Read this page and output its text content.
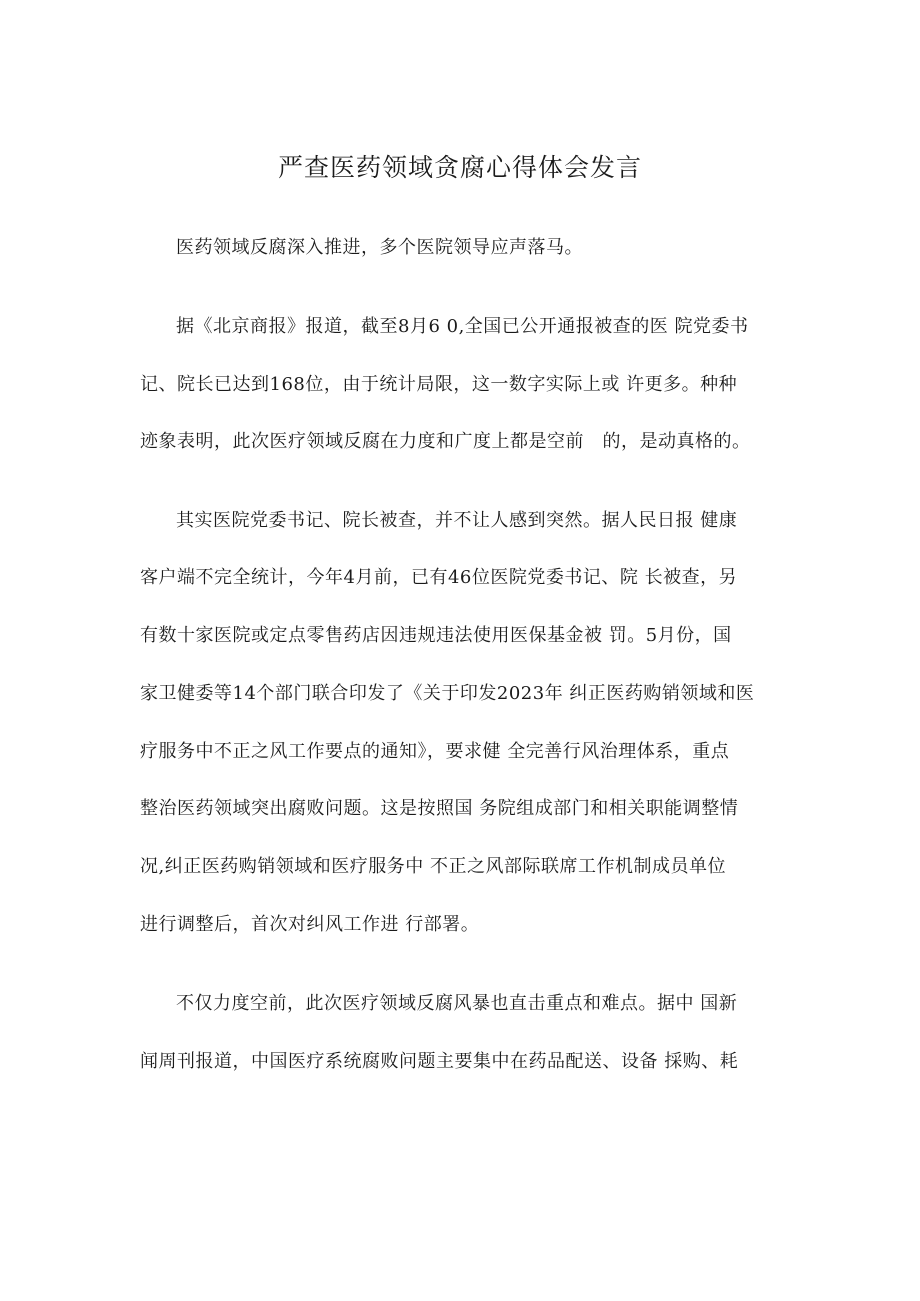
严查医药领域贪腐心得体会发言
医药领域反腐深入推进，多个医院领导应声落马。
据《北京商报》报道，截至8月6 0,全国已公开通报被查的医 院党委书
记、院长已达到168位，由于统计局限，这一数字实际上或 许更多。种种
迹象表明，此次医疗领域反腐在力度和广度上都是空前　的，是动真格的。
其实医院党委书记、院长被查，并不让人感到突然。据人民日报 健康
客户端不完全统计，今年4月前，已有46位医院党委书记、院 长被查，另
有数十家医院或定点零售药店因违规违法使用医保基金被 罚。5月份，国
家卫健委等14个部门联合印发了《关于印发2023年 纠正医药购销领域和医
疗服务中不正之风工作要点的通知》，要求健 全完善行风治理体系，重点
整治医药领域突出腐败问题。这是按照国 务院组成部门和相关职能调整情
况,纠正医药购销领域和医疗服务中 不正之风部际联席工作机制成员单位
进行调整后，首次对纠风工作进 行部署。
不仅力度空前，此次医疗领域反腐风暴也直击重点和难点。据中 国新
闻周刊报道，中国医疗系统腐败问题主要集中在药品配送、设备 採购、耗
